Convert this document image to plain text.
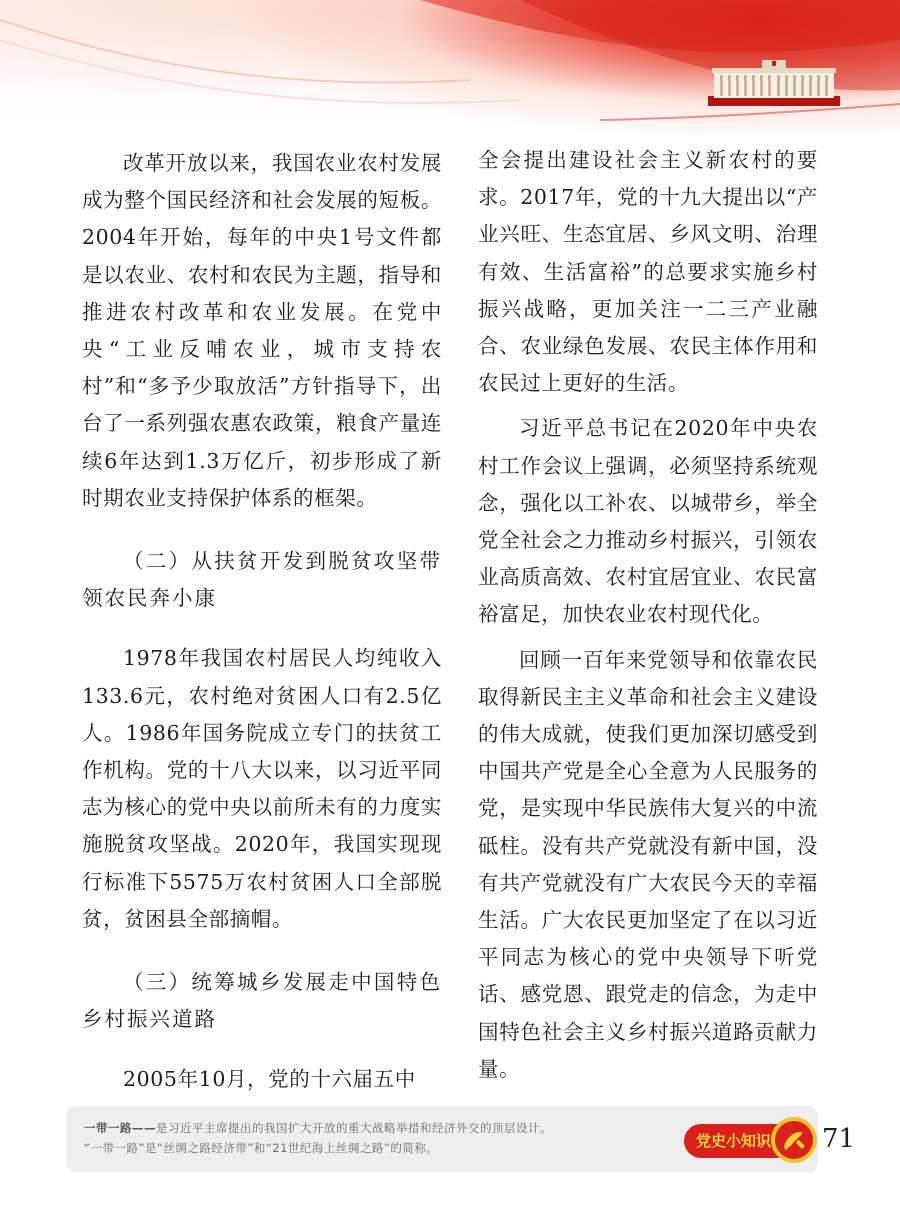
改革开放以来，我国农业农村发展成为整个国民经济和社会发展的短板。2004年开始，每年的中央1号文件都是以农业、农村和农民为主题，指导和推进农村改革和农业发展。在党中央“工业反哺农业，城市支持农村”和“多予少取放活”方针指导下，出台了一系列强农惠农政策，粮食产量连续6年达到1.3万亿斤，初步形成了新时期农业支持保护体系的框架。

（二）从扶贫开发到脱贫攻坚带领农民奔小康

1978年我国农村居民人均纯收入133.6元，农村绝对贫困人口有2.5亿人。1986年国务院成立专门的扶贫工作机构。党的十八大以来，以习近平同志为核心的党中央以前所未有的力度实施脱贫攻坚战。2020年，我国实现现行标准下5575万农村贫困人口全部脱贫，贫困县全部摘帽。

（三）统筹城乡发展走中国特色乡村振兴道路

2005年10月，党的十六届五中

全会提出建设社会主义新农村的要求。2017年，党的十九大提出以“产业兴旺、生态宜居、乡风文明、治理有效、生活富裕”的总要求实施乡村振兴战略，更加关注一二三产业融合、农业绿色发展、农民主体作用和农民过上更好的生活。

习近平总书记在2020年中央农村工作会议上强调，必须坚持系统观念，强化以工补农、以城带乡，举全党全社会之力推动乡村振兴，引领农业高质高效、农村宜居宜业、农民富裕富足，加快农业农村现代化。

回顾一百年来党领导和依靠农民取得新民主主义革命和社会主义建设的伟大成就，使我们更加深切感受到中国共产党是全心全意为人民服务的党，是实现中华民族伟大复兴的中流砥柱。没有共产党就没有新中国，没有共产党就没有广大农民今天的幸福生活。广大农民更加坚定了在以习近平同志为核心的党中央领导下听党话、感党恩、跟党走的信念，为走中国特色社会主义乡村振兴道路贡献力量。

一带一路——是习近平主席提出的我国扩大开放的重大战略举措和经济外交的顶层设计。
“一带一路”是“丝绸之路经济带”和“21世纪海上丝绸之路”的简称。	党史小知识	71
